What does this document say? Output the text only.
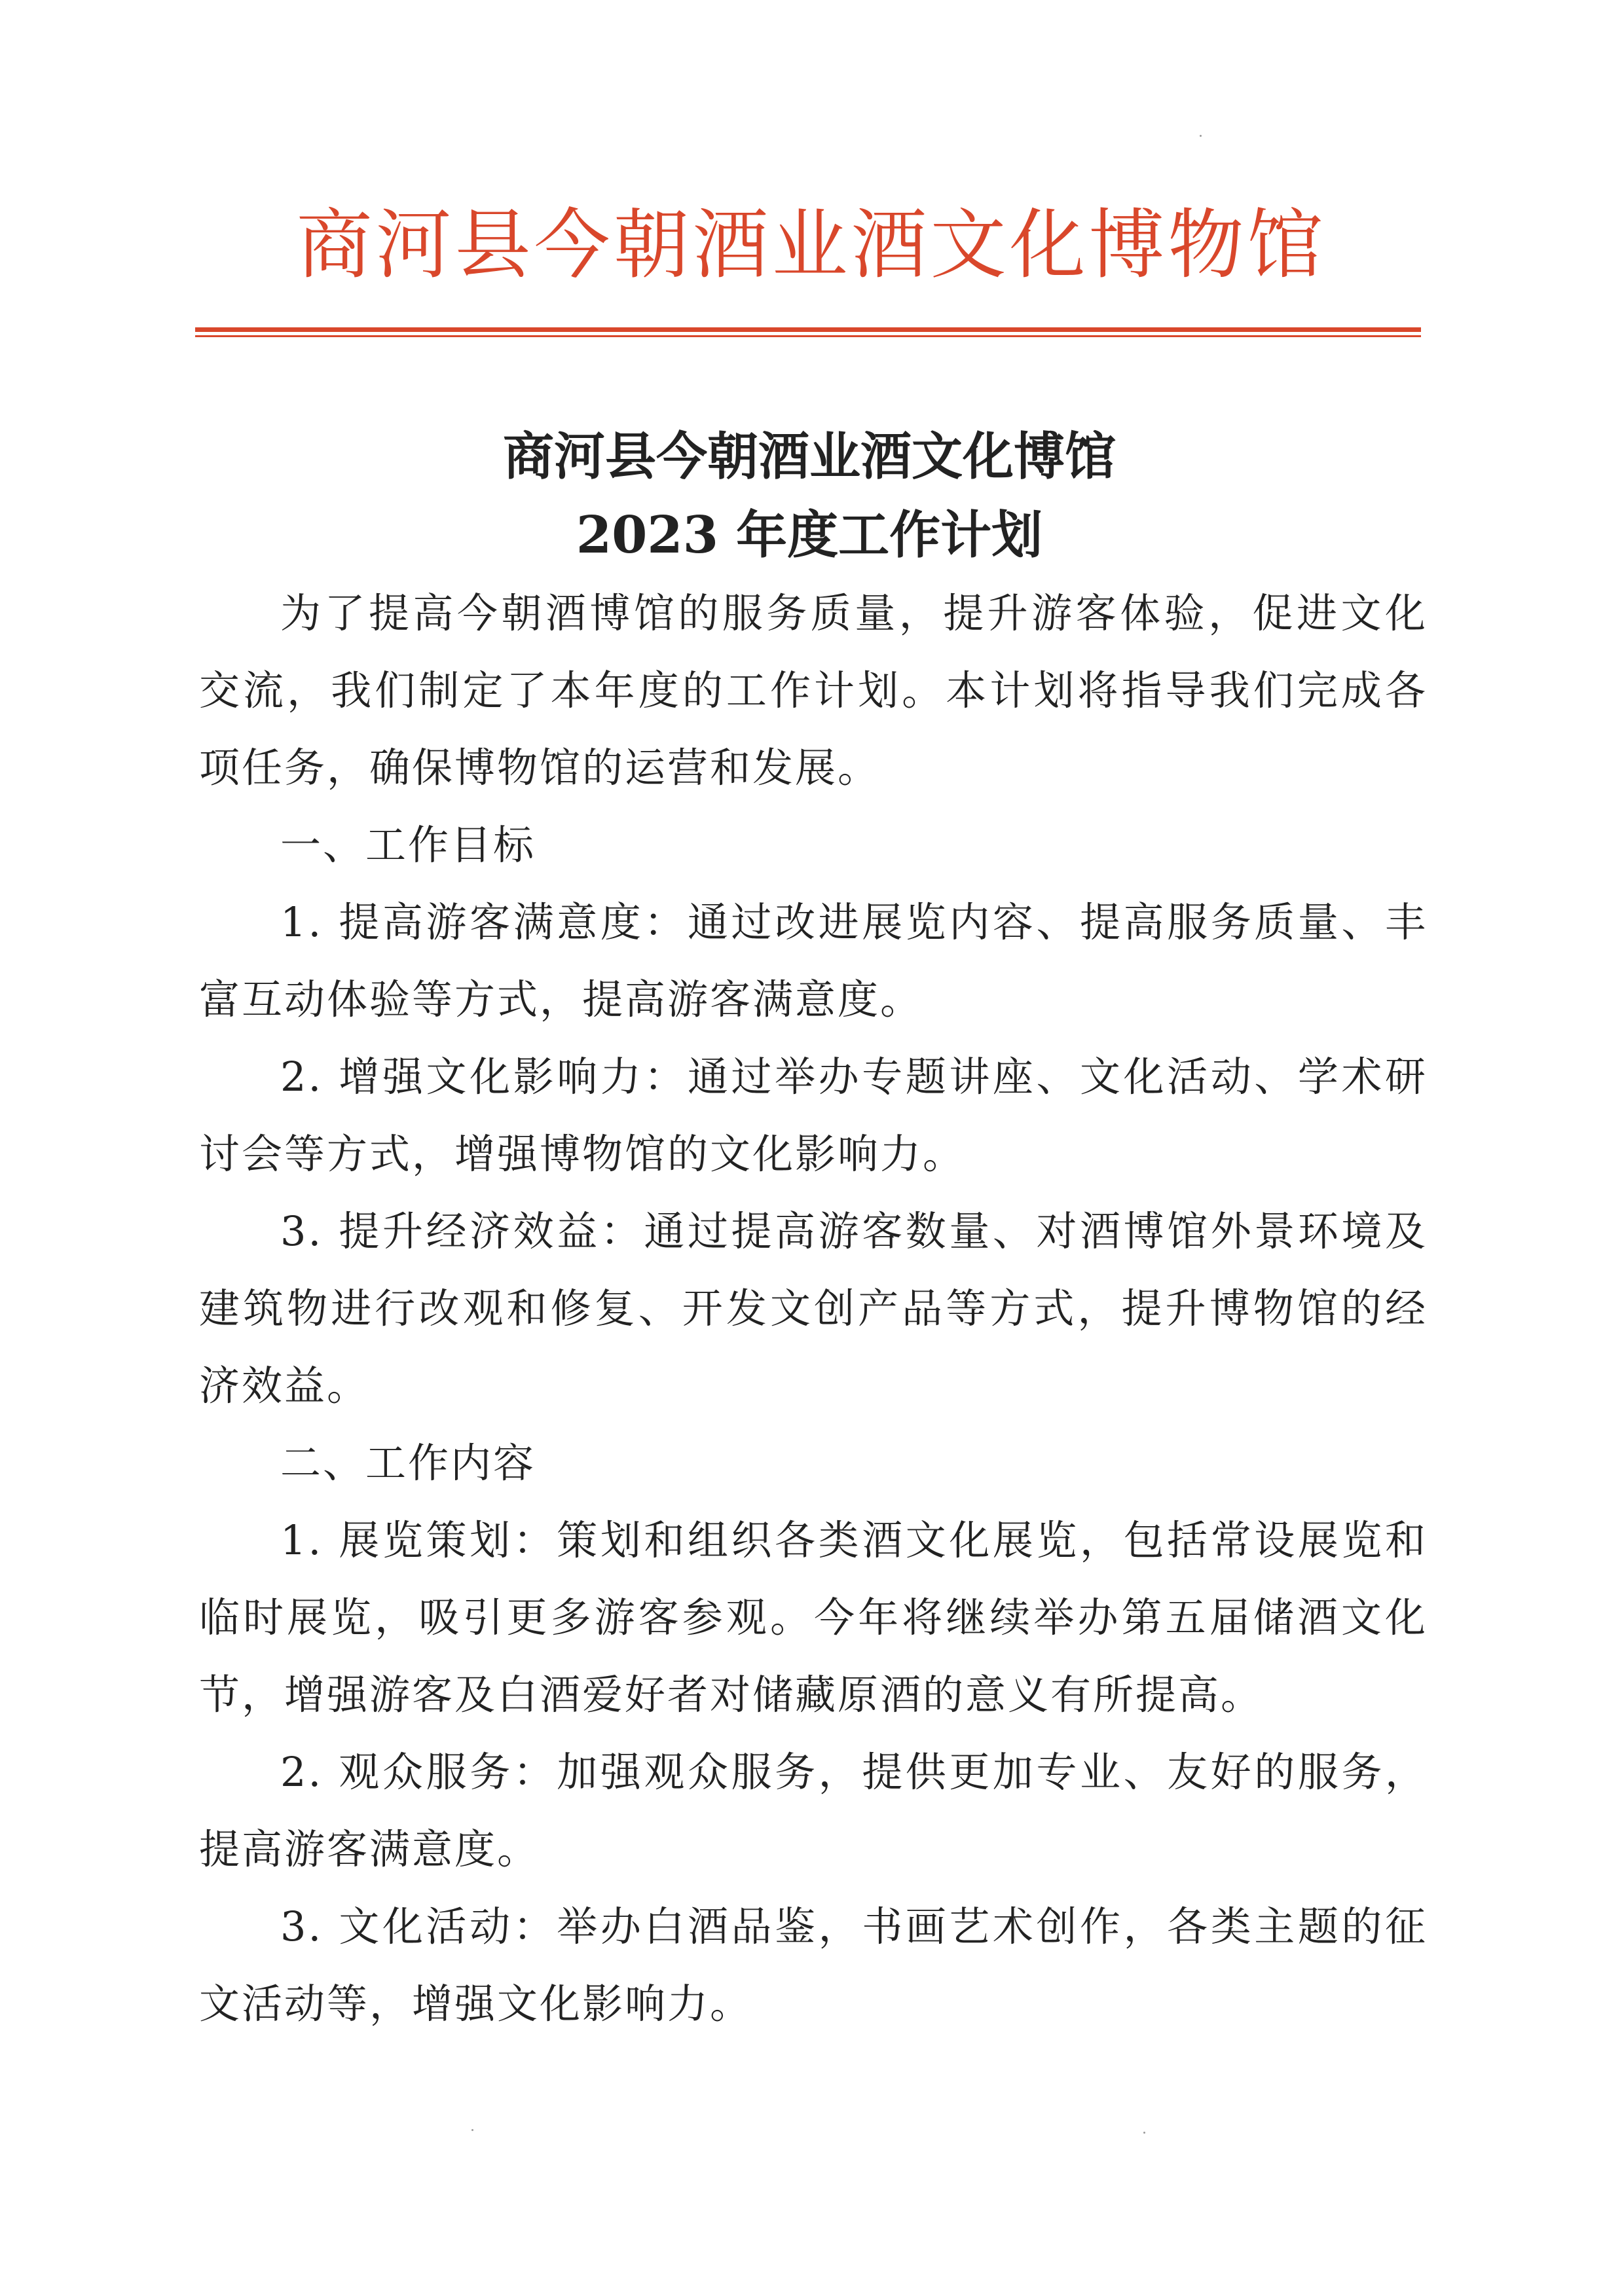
商河县今朝酒业酒文化博物馆
商河县今朝酒业酒文化博馆
2023 年度工作计划

为了提高今朝酒博馆的服务质量，提升游客体验，促进文化交流，我们制定了本年度的工作计划。本计划将指导我们完成各项任务，确保博物馆的运营和发展。

一、工作目标

1. 提高游客满意度：通过改进展览内容、提高服务质量、丰富互动体验等方式，提高游客满意度。

2. 增强文化影响力：通过举办专题讲座、文化活动、学术研讨会等方式，增强博物馆的文化影响力。

3. 提升经济效益：通过提高游客数量、对酒博馆外景环境及建筑物进行改观和修复、开发文创产品等方式，提升博物馆的经济效益。

二、工作内容

1. 展览策划：策划和组织各类酒文化展览，包括常设展览和临时展览，吸引更多游客参观。今年将继续举办第五届储酒文化节，增强游客及白酒爱好者对储藏原酒的意义有所提高。

2. 观众服务：加强观众服务，提供更加专业、友好的服务，提高游客满意度。

3. 文化活动：举办白酒品鉴，书画艺术创作，各类主题的征文活动等，增强文化影响力。
